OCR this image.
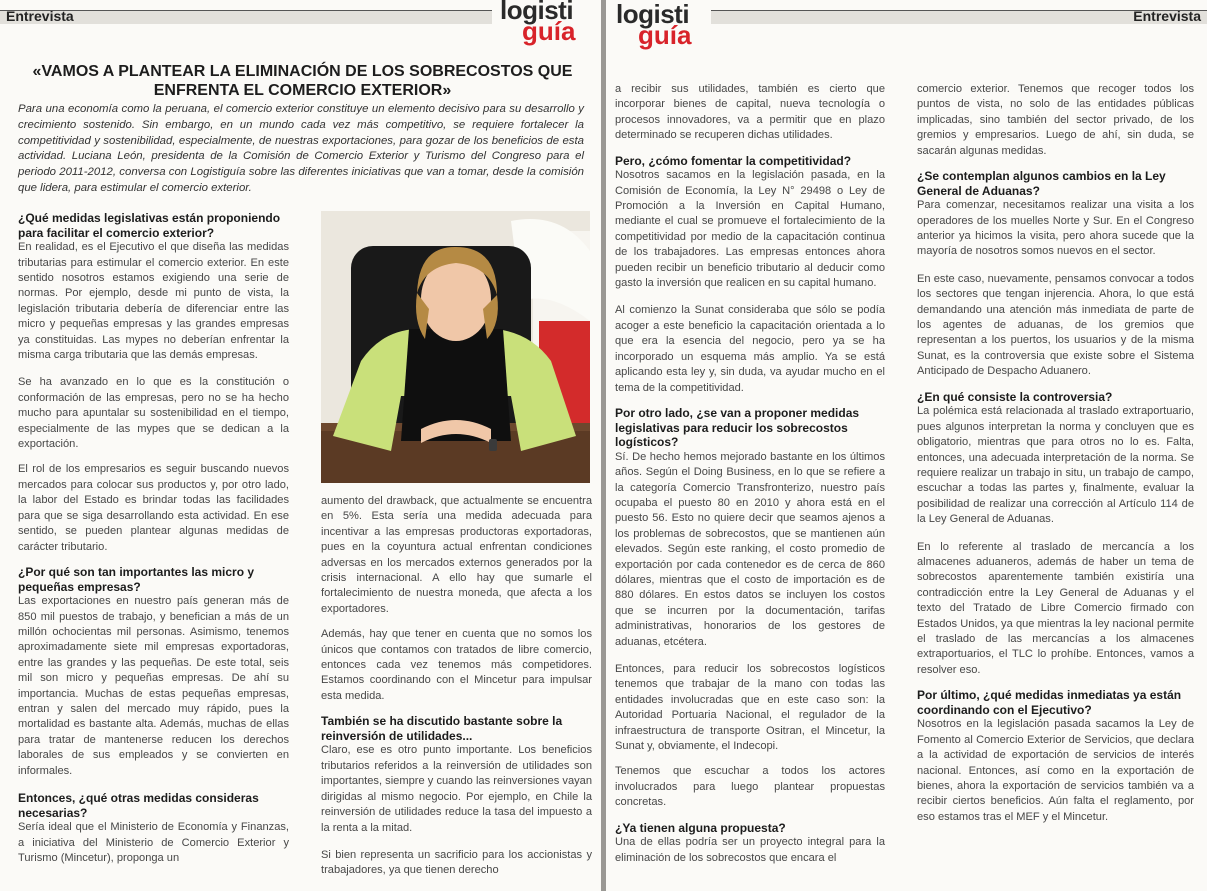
Entrevista	logisti
guía
«VAMOS A PLANTEAR LA ELIMINACIÓN DE LOS SOBRECOSTOS QUE
ENFRENTA EL COMERCIO EXTERIOR»

Para una economía como la peruana, el comercio exterior constituye un elemento decisivo para su desarrollo y crecimiento sostenido. Sin embargo, en un mundo cada vez más competitivo, se requiere fortalecer la competitividad y sostenibilidad, especialmente, de nuestras exportaciones, para gozar de los beneficios de esta actividad. Luciana León, presidenta de la Comisión de Comercio Exterior y Turismo del Congreso para el periodo 2011-2012, conversa con Logistiguía sobre las diferentes iniciativas que van a tomar, desde la comisión que lidera, para estimular el comercio exterior.

¿Qué medidas legislativas están proponiendo para facilitar el comercio exterior?

En realidad, es el Ejecutivo el que diseña las medidas tributarias para estimular el comercio exterior. En este sentido nosotros estamos exigiendo una serie de normas. Por ejemplo, desde mi punto de vista, la legislación tributaria debería de diferenciar entre las micro y pequeñas empresas y las grandes empresas ya constituidas. Las mypes no deberían enfrentar la misma carga tributaria que las demás empresas.

Se ha avanzado en lo que es la constitución o conformación de las empresas, pero no se ha hecho mucho para apuntalar su sostenibilidad en el tiempo, especialmente de las mypes que se dedican a la exportación.

El rol de los empresarios es seguir buscando nuevos mercados para colocar sus productos y, por otro lado, la labor del Estado es brindar todas las facilidades para que se siga desarrollando esta actividad. En ese sentido, se pueden plantear algunas medidas de carácter tributario.

¿Por qué son tan importantes las micro y pequeñas empresas?

Las exportaciones en nuestro país generan más de 850 mil puestos de trabajo, y benefician a más de un millón ochocientas mil personas. Asimismo, tenemos aproximadamente siete mil empresas exportadoras, entre las grandes y las pequeñas. De este total, seis mil son micro y pequeñas empresas. De ahí su importancia. Muchas de estas pequeñas empresas, entran y salen del mercado muy rápido, pues la mortalidad es bastante alta. Además, muchas de ellas para tratar de mantenerse reducen los derechos laborales de sus empleados y se convierten en informales.

Entonces, ¿qué otras medidas consideras necesarias?

Sería ideal que el Ministerio de Economía y Finanzas, a iniciativa del Ministerio de Comercio Exterior y Turismo (Mincetur), proponga un

aumento del drawback, que actualmente se encuentra en 5%. Esta sería una medida adecuada para incentivar a las empresas productoras exportadoras, pues en la coyuntura actual enfrentan condiciones adversas en los mercados externos generados por la crisis internacional. A ello hay que sumarle el fortalecimiento de nuestra moneda, que afecta a los exportadores.

Además, hay que tener en cuenta que no somos los únicos que contamos con tratados de libre comercio, entonces cada vez tenemos más competidores. Estamos coordinando con el Mincetur para impulsar esta medida.

También se ha discutido bastante sobre la reinversión de utilidades...

Claro, ese es otro punto importante. Los beneficios tributarios referidos a la reinversión de utilidades son importantes, siempre y cuando las reinversiones vayan dirigidas al mismo negocio. Por ejemplo, en Chile la reinversión de utilidades reduce la tasa del impuesto a la renta a la mitad.

Si bien representa un sacrificio para los accionistas y trabajadores, ya que tienen derecho

Entrevista
logisti
guía

a recibir sus utilidades, también es cierto que incorporar bienes de capital, nueva tecnología o procesos innovadores, va a permitir que en plazo determinado se recuperen dichas utilidades.

Pero, ¿cómo fomentar la competitividad?

Nosotros sacamos en la legislación pasada, en la Comisión de Economía, la Ley N° 29498 o Ley de Promoción a la Inversión en Capital Humano, mediante el cual se promueve el fortalecimiento de la competitividad por medio de la capacitación continua de los trabajadores. Las empresas entonces ahora pueden recibir un beneficio tributario al deducir como gasto la inversión que realicen en su capital humano.

Al comienzo la Sunat consideraba que sólo se podía acoger a este beneficio la capacitación orientada a lo que era la esencia del negocio, pero ya se ha incorporado un esquema más amplio. Ya se está aplicando esta ley y, sin duda, va ayudar mucho en el tema de la competitividad.

Por otro lado, ¿se van a proponer medidas legislativas para reducir los sobrecostos logísticos?

Sí. De hecho hemos mejorado bastante en los últimos años. Según el Doing Business, en lo que se refiere a la categoría Comercio Transfronterizo, nuestro país ocupaba el puesto 80 en 2010 y ahora está en el puesto 56. Esto no quiere decir que seamos ajenos a los problemas de sobrecostos, que se mantienen aún elevados. Según este ranking, el costo promedio de exportación por cada contenedor es de cerca de 860 dólares, mientras que el costo de importación es de 880 dólares. En estos datos se incluyen los costos que se incurren por la documentación, tarifas administrativas, honorarios de los gestores de aduanas, etcétera.

Entonces, para reducir los sobrecostos logísticos tenemos que trabajar de la mano con todas las entidades involucradas que en este caso son: la Autoridad Portuaria Nacional, el regulador de la infraestructura de transporte Ositran, el Mincetur, la Sunat y, obviamente, el Indecopi.

Tenemos que escuchar a todos los actores involucrados para luego plantear propuestas concretas.

¿Ya tienen alguna propuesta?

Una de ellas podría ser un proyecto integral para la eliminación de los sobrecostos que encara el

comercio exterior. Tenemos que recoger todos los puntos de vista, no solo de las entidades públicas implicadas, sino también del sector privado, de los gremios y empresarios. Luego de ahí, sin duda, se sacarán algunas medidas.

¿Se contemplan algunos cambios en la Ley General de Aduanas?

Para comenzar, necesitamos realizar una visita a los operadores de los muelles Norte y Sur. En el Congreso anterior ya hicimos la visita, pero ahora sucede que la mayoría de nosotros somos nuevos en el sector.

En este caso, nuevamente, pensamos convocar a todos los sectores que tengan injerencia. Ahora, lo que está demandando una atención más inmediata de parte de los agentes de aduanas, de los gremios que representan a los puertos, los usuarios y de la misma Sunat, es la controversia que existe sobre el Sistema Anticipado de Despacho Aduanero.

¿En qué consiste la controversia?

La polémica está relacionada al traslado extraportuario, pues algunos interpretan la norma y concluyen que es obligatorio, mientras que para otros no lo es. Falta, entonces, una adecuada interpretación de la norma. Se requiere realizar un trabajo in situ, un trabajo de campo, escuchar a todas las partes y, finalmente, evaluar la posibilidad de realizar una corrección al Artículo 114 de la Ley General de Aduanas.

En lo referente al traslado de mercancía a los almacenes aduaneros, además de haber un tema de sobrecostos aparentemente también existiría una contradicción entre la Ley General de Aduanas y el texto del Tratado de Libre Comercio firmado con Estados Unidos, ya que mientras la ley nacional permite el traslado de las mercancías a los almacenes extraportuarios, el TLC lo prohíbe. Entonces, vamos a resolver eso.

Por último, ¿qué medidas inmediatas ya están coordinando con el Ejecutivo?

Nosotros en la legislación pasada sacamos la Ley de Fomento al Comercio Exterior de Servicios, que declara a la actividad de exportación de servicios de interés nacional. Entonces, así como en la exportación de bienes, ahora la exportación de servicios también va a recibir ciertos beneficios. Aún falta el reglamento, por eso estamos tras el MEF y el Mincetur.
